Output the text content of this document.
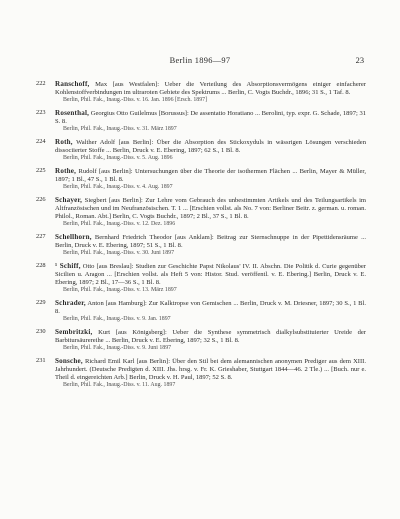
Berlin 1896—97	23
222	Ranschoff, Max [aus Westfalen]: Ueber die Verteilung des Absorptionsvermögens einiger einfacherer Kohlenstoffverbindungen im ultraroten Gebiete des Spektrums ... Berlin, C. Vogts Buchdr., 1896; 31 S., 1 Taf. 8.
Berlin, Phil. Fak., Inaug.-Diss. v. 16. Jan. 1896 [Ersch. 1897]
223	Rosenthal, Georgius Otto Guilelmus [Borussus]: De assentatio Horatiano ... Berolini, typ. expr. G. Schade, 1897; 31 S. 8.
Berlin, Phil. Fak., Inaug.-Diss. v. 31. März 1897
224	Roth, Walther Adolf [aus Berlin]: Über die Absorption des Stickoxyduls in wässrigen Lösungen verschieden dissociierter Stoffe ... Berlin, Druck v. E. Ebering, 1897; 62 S., 1 Bl. 8.
Berlin, Phil. Fak., Inaug.-Diss. v. 5. Aug. 1896
225	Rothe, Rudolf [aus Berlin]: Untersuchungen über die Theorie der isothermen Flächen ... Berlin, Mayer & Müller, 1897; 1 Bl., 47 S., 1 Bl. 8.
Berlin, Phil. Fak., Inaug.-Diss. v. 4. Aug. 1897
226	Schayer, Siegbert [aus Berlin]: Zur Lehre vom Gebrauch des unbestimmten Artikels und des Teilungsartikels im Altfranzösischen und im Neufranzösischen. T. 1 ... [Erschien vollst. als No. 7 von: Berliner Beitr. z. german. u. roman. Philol., Roman. Abt.] Berlin, C. Vogts Buchdr., 1897; 2 Bl., 37 S., 1 Bl. 8.
Berlin, Phil. Fak., Inaug.-Diss. v. 12. Dez. 1896
227	Schellhorn, Bernhard Friedrich Theodor [aus Anklam]: Beitrag zur Sternschnuppe in der Pipettidensräume ... Berlin, Druck v. E. Ebering, 1897; 51 S., 1 Bl. 8.
Berlin, Phil. Fak., Inaug.-Diss. v. 30. Juni 1897
228	¹ Schiff, Otto [aus Breslau]: Studien zur Geschichte Papst Nikolaus' IV. II. Abschn. Die Politik d. Curie gegenüber Sicilien u. Aragon ... [Erschien vollst. als Heft 5 von: Histor. Stud. veröffentl. v. E. Ebering.] Berlin, Druck v. E. Ebering, 1897; 2 Bl., 17—36 S., 1 Bl. 8.
Berlin, Phil. Fak., Inaug.-Diss. v. 13. März 1897
229	Schrader, Anton [aus Hamburg]: Zur Kalktropse von Gemischen ... Berlin, Druck v. M. Driesner, 1897; 30 S., 1 Bl. 8.
Berlin, Phil. Fak., Inaug.-Diss. v. 9. Jan. 1897
230	Sembritzki, Kurt [aus Königsberg]: Ueber die Synthese symmetrisch dialkylsubstituierter Ureide der Barbitursäurereihe ... Berlin, Druck v. E. Ebering, 1897; 32 S., 1 Bl. 8.
Berlin, Phil. Fak., Inaug.-Diss. v. 9. Juni 1897
231	Sonsche, Richard Emil Karl [aus Berlin]: Über den Stil bei dem alemannischen anonymen Prediger aus dem XIII. Jahrhundert. (Deutsche Predigten d. XIII. Jhs. hrsg. v. Fr. K. Grieshaber, Stuttgart 1844—46. 2 Tle.) ... [Buch. nur e. Theil d. eingereichten Arb.] Berlin, Druck v. H. Paul, 1897; 52 S. 8.
Berlin, Phil. Fak., Inaug.-Diss. v. 11. Aug. 1897
